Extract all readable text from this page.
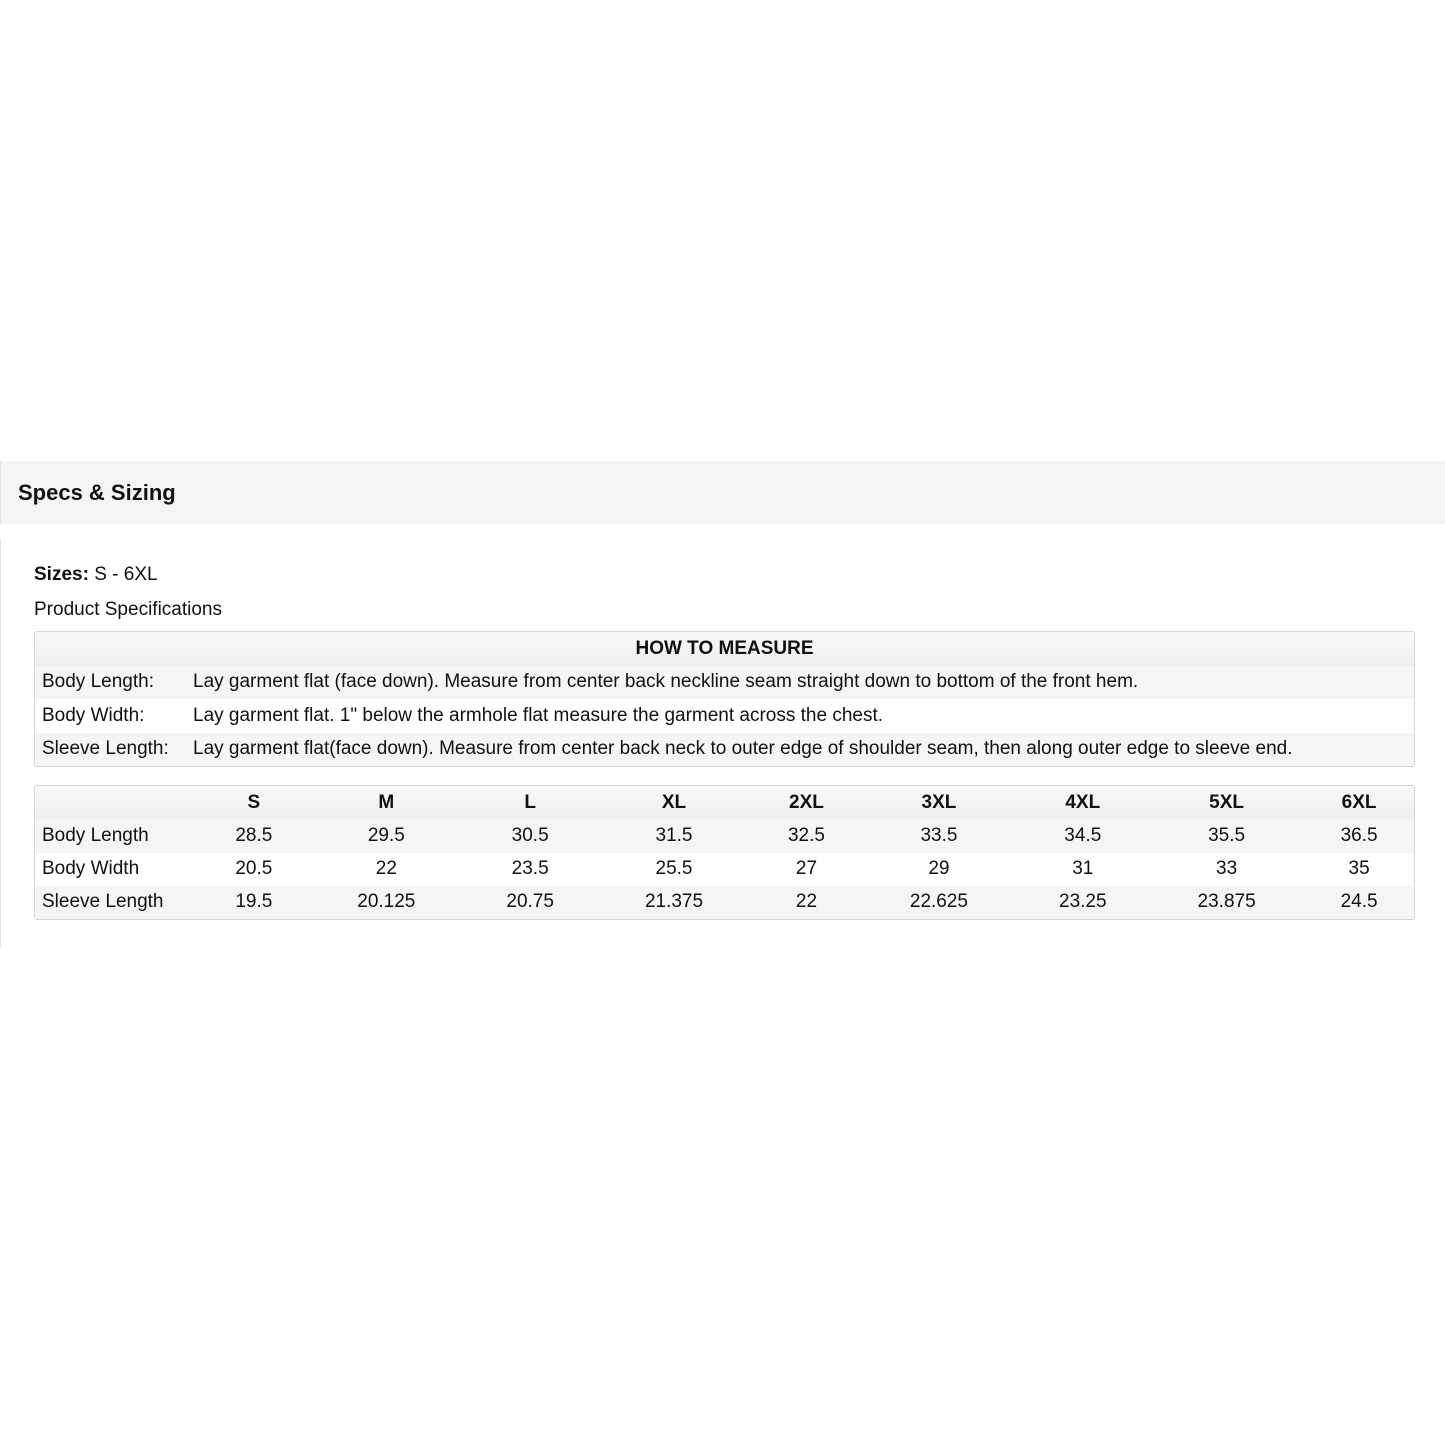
Specs & Sizing
Sizes: S - 6XL
Product Specifications
HOW TO MEASURE	
Body Length:	Lay garment flat (face down). Measure from center back neckline seam straight down to bottom of the front hem.
Body Width:	Lay garment flat. 1" below the armhole flat measure the garment across the chest.
Sleeve Length:	Lay garment flat(face down). Measure from center back neck to outer edge of shoulder seam, then along outer edge to sleeve end.
	S	M	L	XL	2XL	3XL	4XL	5XL	6XL
Body Length	28.5	29.5	30.5	31.5	32.5	33.5	34.5	35.5	36.5
Body Width	20.5	22	23.5	25.5	27	29	31	33	35
Sleeve Length	19.5	20.125	20.75	21.375	22	22.625	23.25	23.875	24.5
